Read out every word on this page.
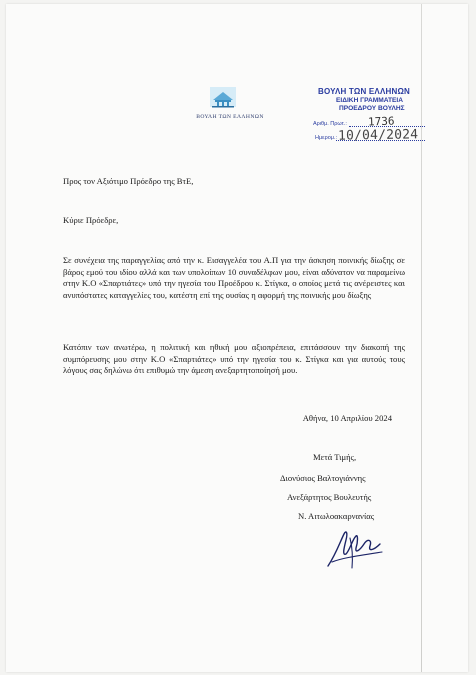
ΒΟΥΛΗ ΤΩΝ ΕΛΛΗΝΩΝ
ΒΟΥΛΗ ΤΩΝ ΕΛΛΗΝΩΝ
ΕΙΔΙΚΗ ΓΡΑΜΜΑΤΕΙΑ
ΠΡΟΕΔΡΟΥ ΒΟΥΛΗΣ
Αριθμ. Πρωτ.: 1736
Ημερομ.: 10/04/2024
Προς τον Αξιότιμο Πρόεδρο της ΒτΕ,
Κύριε Πρόεδρε,
Σε συνέχεια της παραγγελίας από την κ. Εισαγγελέα του Α.Π για την άσκηση ποινικής δίωξης σε βάρος εμού του ιδίου αλλά και των υπολοίπων 10 συναδέλφων μου, είναι αδύνατον να παραμείνω στην Κ.Ο «Σπαρτιάτες» υπό την ηγεσία του Προέδρου κ. Στίγκα, ο οποίος μετά τις ανέρειστες και ανυπόστατες καταγγελίες του, κατέστη επί της ουσίας η αφορμή της ποινικής μου δίωξης
Κατόπιν των ανωτέρω, η πολιτική και ηθική μου αξιοπρέπεια, επιτάσσουν την διακοπή της συμπόρευσης μου στην Κ.Ο «Σπαρτιάτες» υπό την ηγεσία του κ. Στίγκα και για αυτούς τους λόγους σας δηλώνω ότι επιθυμώ την άμεση ανεξαρτητοποίησή μου.
Αθήνα, 10 Απριλίου 2024
Μετά Τιμής,
Διονύσιος Βαλτογιάννης
Ανεξάρτητος Βουλευτής
Ν. Αιτωλοακαρνανίας
